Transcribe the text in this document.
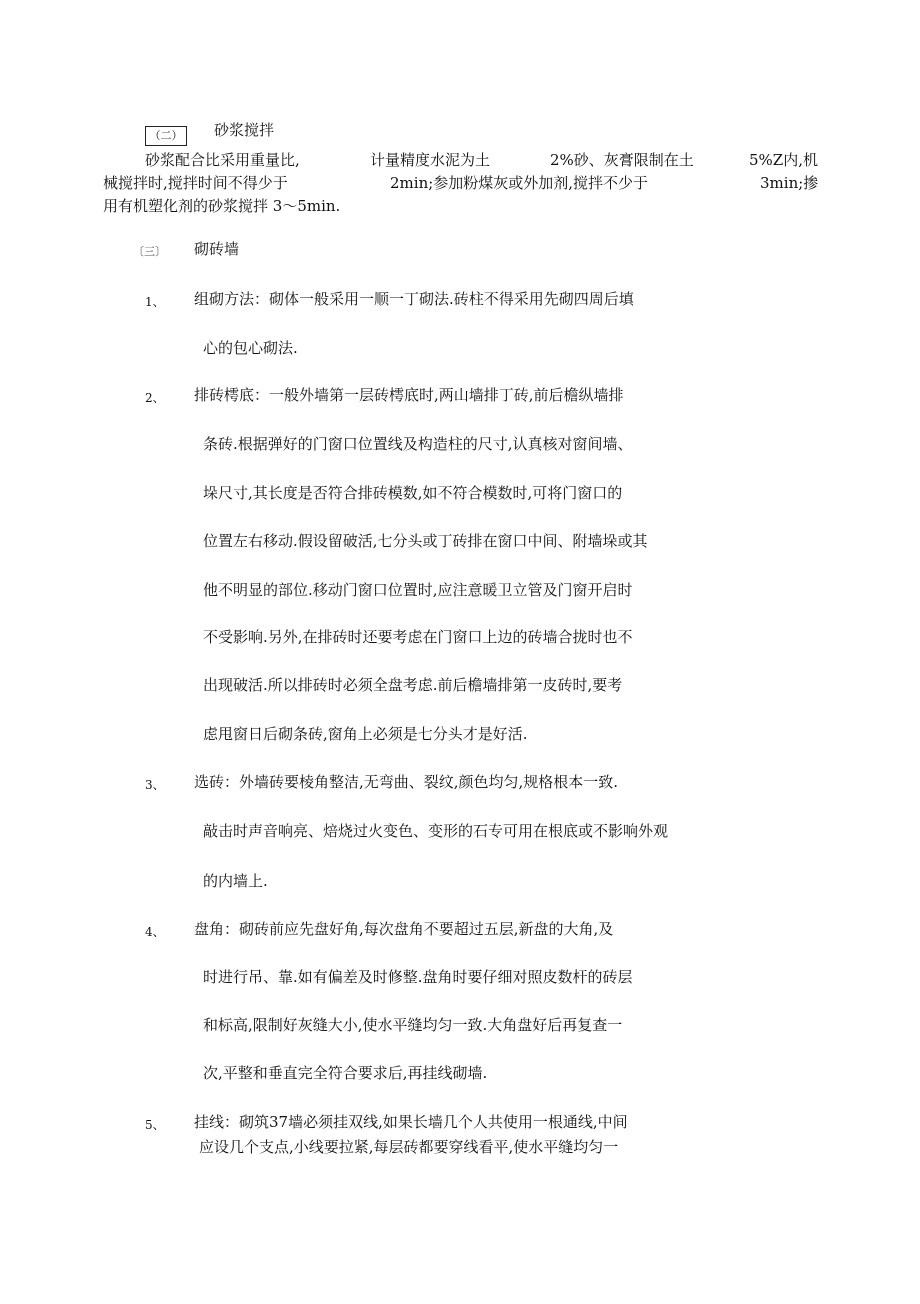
（二）	砂浆搅拌
砂浆配合比采用重量比,	计量精度水泥为土	2%砂、灰膏限制在土	5%Z内,机
械搅拌时,搅拌时间不得少于	2min;参加粉煤灰或外加剂,搅拌不少于	3min;掺
用有机塑化剂的砂浆搅拌 3〜5min.
〔三〕 砌砖墙
1、 组砌方法：砌体一般采用一顺一丁砌法.砖柱不得采用先砌四周后填
心的包心砌法.
2、 排砖樗底：一般外墙第一层砖樗底时,两山墙排丁砖,前后檐纵墙排
条砖.根据弹好的门窗口位置线及构造柱的尺寸,认真核对窗间墙、
垛尺寸,其长度是否符合排砖模数,如不符合模数时,可将门窗口的
位置左右移动.假设留破活,七分头或丁砖排在窗口中间、附墙垛或其
他不明显的部位.移动门窗口位置时,应注意暖卫立管及门窗开启时
不受影响.另外,在排砖时还要考虑在门窗口上边的砖墙合拢时也不
出现破活.所以排砖时必须全盘考虑.前后檐墙排第一皮砖时,要考
虑甩窗日后砌条砖,窗角上必须是七分头才是好活.
3、 选砖：外墙砖要棱角整洁,无弯曲、裂纹,颜色均匀,规格根本一致.
敲击时声音响亮、焙烧过火变色、变形的石专可用在根底或不影响外观
的内墙上.
4、 盘角：砌砖前应先盘好角,每次盘角不要超过五层,新盘的大角,及
时进行吊、靠.如有偏差及时修整.盘角时要仔细对照皮数杆的砖层
和标高,限制好灰缝大小,使水平缝均匀一致.大角盘好后再复查一
次,平整和垂直完全符合要求后,再挂线砌墙.
5、 挂线：砌筑37墙必须挂双线,如果长墙几个人共使用一根通线,中间
应设几个支点,小线要拉紧,每层砖都要穿线看平,使水平缝均匀一
